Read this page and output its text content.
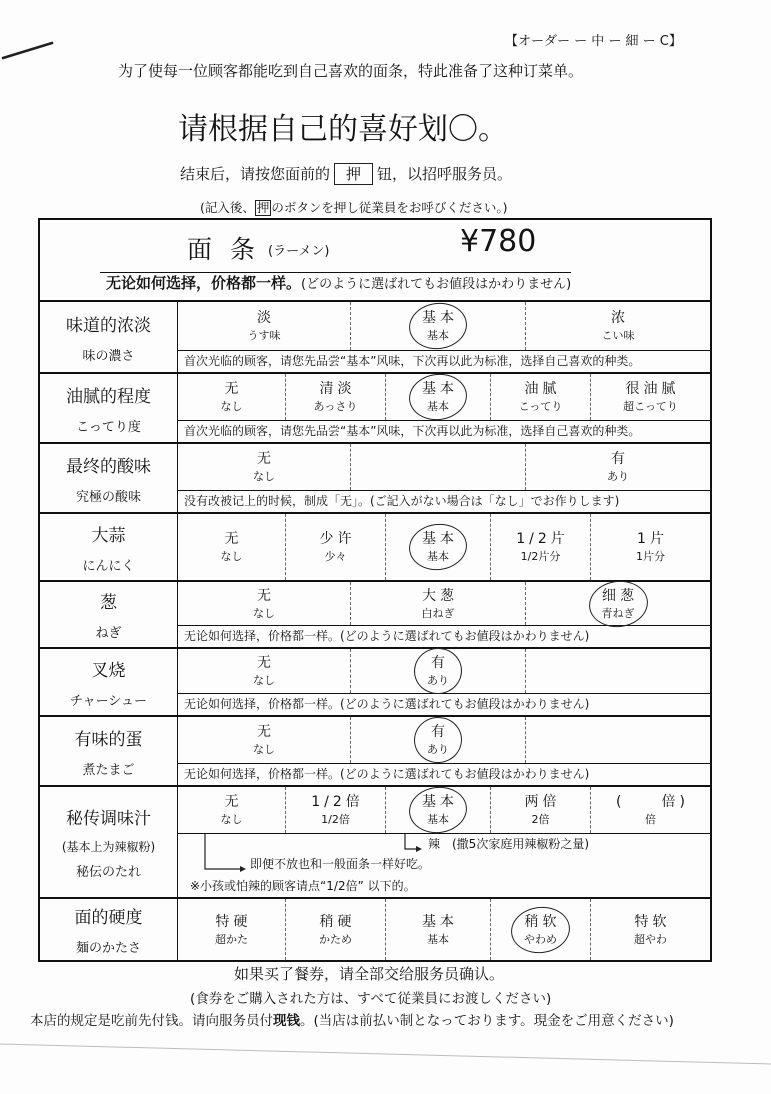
【オーダー ー 中 ー 細 ー C】
为了使每一位顾客都能吃到自己喜欢的面条，特此准备了这种订菜单。
请根据自己的喜好划〇。
结束后，请按您面前的 押 钮，以招呼服务员。
(記入後、 押 のボタンを押し従業員をお呼びください。)
面条
(ラーメン)	¥780
无论如何选择，价格都一样。(どのように選ばれてもお値段はかわりません)
味道的浓淡
味の濃さ
淡
うす味
基本
基本
浓
こい味
首次光临的顾客，请您先品尝“基本”风味，下次再以此为标准，选择自己喜欢的种类。
油腻的程度
こってり度
无
なし
清淡
あっさり
基本
基本
油腻
こってり
很油腻
超こってり
首次光临的顾客，请您先品尝“基本”风味，下次再以此为标准，选择自己喜欢的种类。
最终的酸味
究極の酸味
无
なし
有
あり
没有改被记上的时候，制成「无」。(ご記入がない場合は「なし」でお作りします)
大蒜
にんにく
无
なし
少许
少々
基本
基本
1/2片
1/2片分
1片
1片分
葱
ねぎ
无
なし
大葱
白ねぎ
细葱
青ねぎ
无论如何选择，价格都一样。(どのように選ばれてもお値段はかわりません)
叉烧
チャーシュー
无
なし
有
あり
无论如何选择，价格都一样。(どのように選ばれてもお値段はかわりません)
有味的蛋
煮たまご
无
なし
有
あり
无论如何选择，价格都一样。(どのように選ばれてもお値段はかわりません)
秘传调味汁
(基本上为辣椒粉)
秘伝のたれ
无
なし
1/2倍
1/2倍
基本
基本
两倍
2倍
(　　倍)
倍
辣　(撒5次家庭用辣椒粉之量)
即便不放也和一般面条一样好吃。
※小孩或怕辣的顾客请点“1/2倍” 以下的。
面的硬度
麺のかたさ
特硬
超かた
稍硬
かため
基本
基本
稍软
やわめ
特软
超やわ
如果买了餐券，请全部交给服务员确认。
(食券をご購入された方は、すべて従業員にお渡しください)
本店的规定是吃前先付钱。请向服务员付现钱。(当店は前払い制となっております。現金をご用意ください)
